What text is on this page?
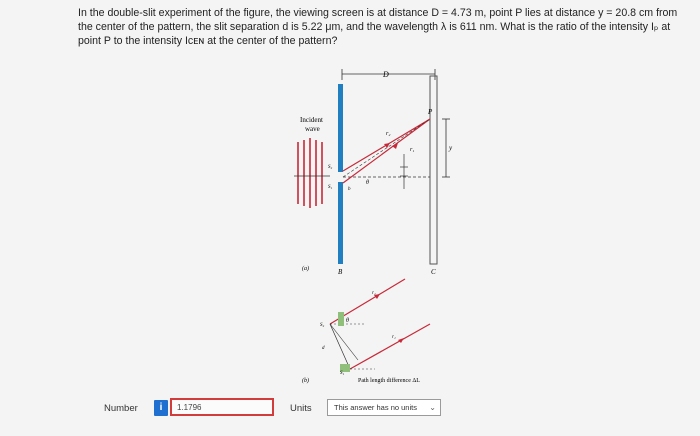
In the double-slit experiment of the figure, the viewing screen is at distance D = 4.73 m, point P lies at distance y = 20.8 cm from the center of the pattern, the slit separation d is 5.22 μm, and the wavelength λ is 611 nm. What is the ratio of the intensity Iₚ at point P to the intensity Iᴄᴇɴ at the center of the pattern?
D
Incident
wave
B	C
P
r₂
r₁	y
S₂
S₁	b
θ
(a)
S₂
S₁
d
θ
r₂
r₁
(b)	Path length difference ΔL
Number	i
1.1796	Units	This answer has no units ⌄
